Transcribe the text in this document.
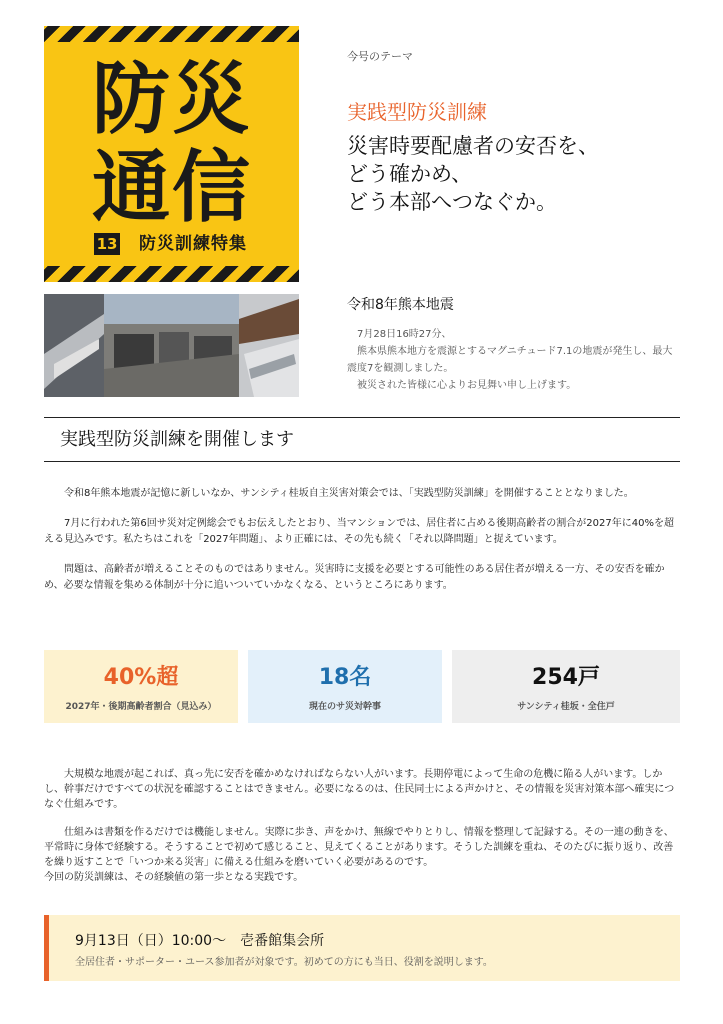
防災
通信
13 防災訓練特集
今号のテーマ
実践型防災訓練
災害時要配慮者の安否を、
どう確かめ、
どう本部へつなぐか。
令和8年熊本地震

7月28日16時27分、

熊本県熊本地方を震源とするマグニチュード7.1の地震が発生し、最大震度7を観測しました。

被災された皆様に心よりお見舞い申し上げます。

実践型防災訓練を開催します

令和8年熊本地震が記憶に新しいなか、サンシティ桂坂自主災害対策会では、「実践型防災訓練」を開催することとなりました。

7月に行われた第6回サ災対定例総会でもお伝えしたとおり、当マンションでは、居住者に占める後期高齢者の割合が2027年に40%を超える見込みです。私たちはこれを「2027年問題」、より正確には、その先も続く「それ以降問題」と捉えています。

問題は、高齢者が増えることそのものではありません。災害時に支援を必要とする可能性のある居住者が増える一方、その安否を確かめ、必要な情報を集める体制が十分に追いついていかなくなる、というところにあります。

40%超
2027年・後期高齢者割合（見込み）
18名
現在のサ災対幹事
254戸
サンシティ桂坂・全住戸

大規模な地震が起これば、真っ先に安否を確かめなければならない人がいます。長期停電によって生命の危機に陥る人がいます。しかし、幹事だけですべての状況を確認することはできません。必要になるのは、住民同士による声かけと、その情報を災害対策本部へ確実につなぐ仕組みです。

仕組みは書類を作るだけでは機能しません。実際に歩き、声をかけ、無線でやりとりし、情報を整理して記録する。その一連の動きを、平常時に身体で経験する。そうすることで初めて感じること、見えてくることがあります。そうした訓練を重ね、そのたびに振り返り、改善を繰り返すことで「いつか来る災害」に備える仕組みを磨いていく必要があるのです。
今回の防災訓練は、その経験値の第一歩となる実践です。

9月13日（日）10:00〜　壱番館集会所
全居住者・サポーター・ユース参加者が対象です。初めての方にも当日、役割を説明します。
